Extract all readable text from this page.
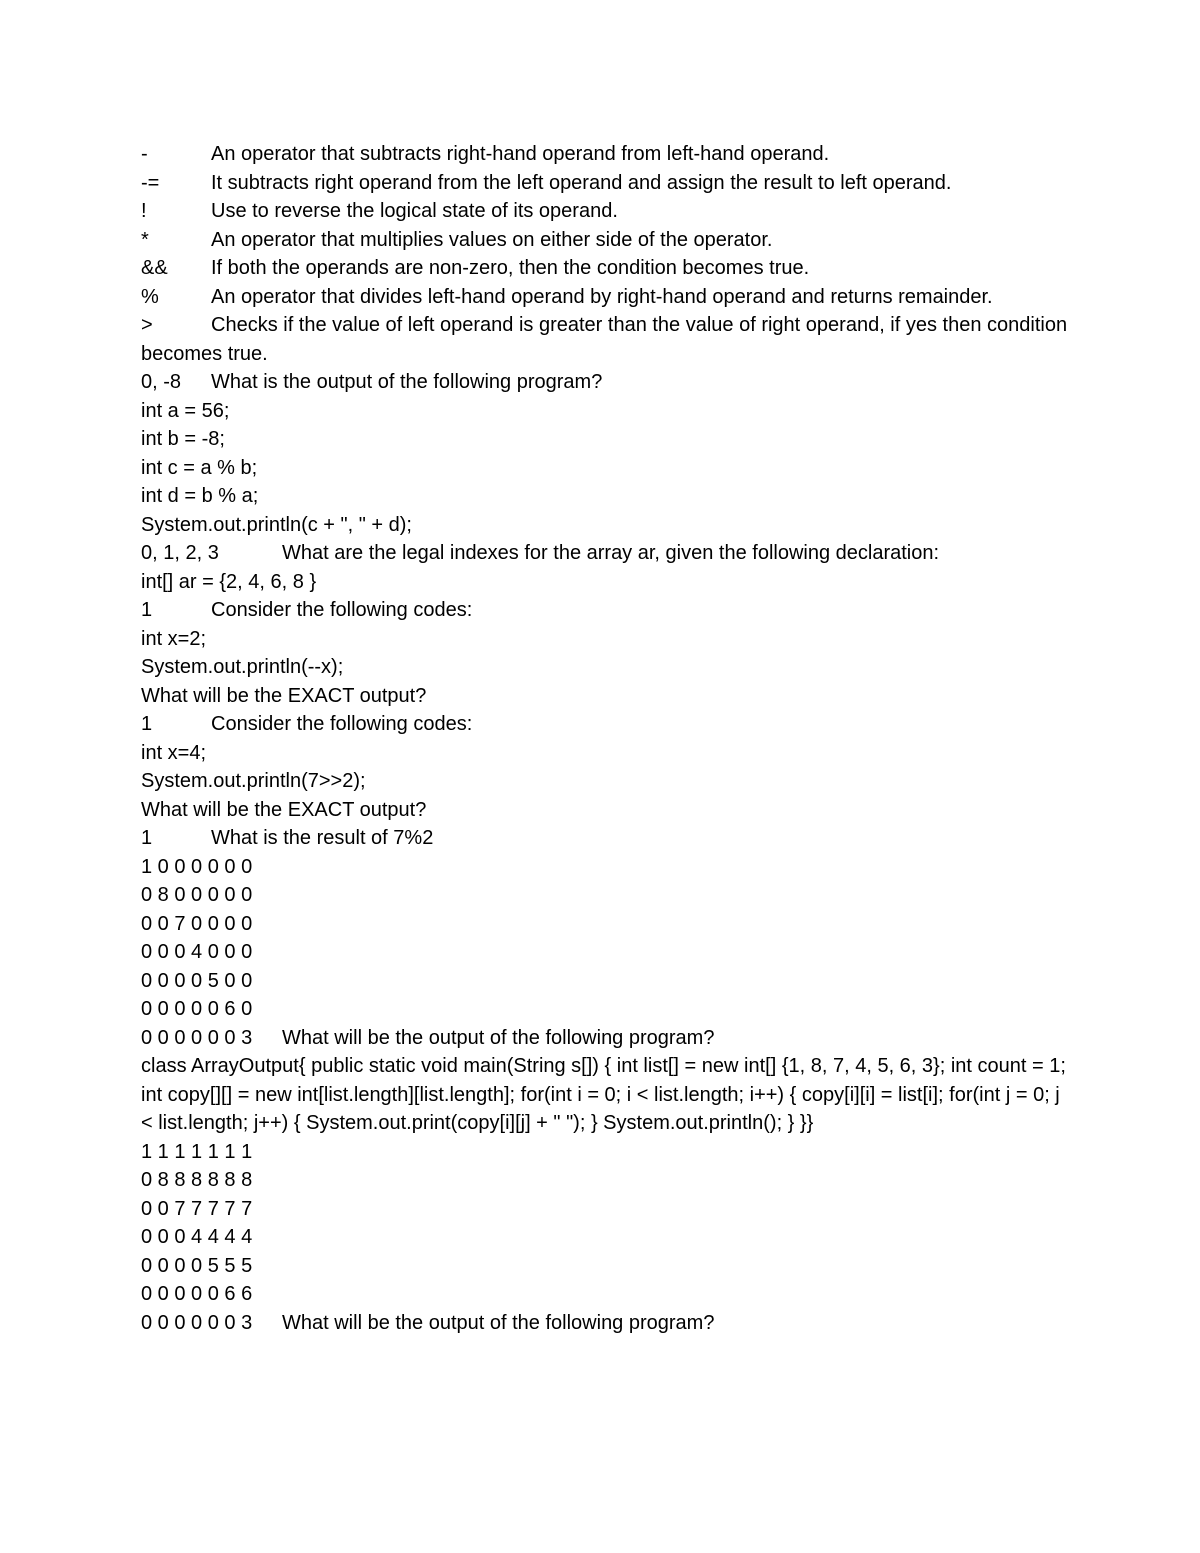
-	An operator that subtracts right-hand operand from left-hand operand.
-=	It subtracts right operand from the left operand and assign the result to left operand.
!	Use to reverse the logical state of its operand.
*	An operator that multiplies values on either side of the operator.
&& If both the operands are non-zero, then the condition becomes true.
%	An operator that divides left-hand operand by right-hand operand and returns remainder.
>	Checks if the value of left operand is greater than the value of right operand, if yes then condition becomes true.
0, -8 What is the output of the following program?
int a = 56;
int b = -8;
int c = a % b;
int d = b % a;
System.out.println(c + ", " + d);
0, 1, 2, 3	What are the legal indexes for the array ar, given the following declaration:
int[] ar = {2, 4, 6, 8 }
1	Consider the following codes:
int x=2;
System.out.println(--x);
What will be the EXACT output?
1	Consider the following codes:
int x=4;
System.out.println(7>>2);
What will be the EXACT output?
1	What is the result of 7%2
1 0 0 0 0 0 0
0 8 0 0 0 0 0
0 0 7 0 0 0 0
0 0 0 4 0 0 0
0 0 0 0 5 0 0
0 0 0 0 0 6 0
0 0 0 0 0 0 3 What will be the output of the following program?
class ArrayOutput{ public static void main(String s[]) { int list[] = new int[] {1, 8, 7, 4, 5, 6, 3}; int count = 1; int copy[][] = new int[list.length][list.length]; for(int i = 0; i < list.length; i++) { copy[i][i] = list[i]; for(int j = 0; j < list.length; j++) { System.out.print(copy[i][j] + " "); } System.out.println(); } }}
1 1 1 1 1 1 1
0 8 8 8 8 8 8
0 0 7 7 7 7 7
0 0 0 4 4 4 4
0 0 0 0 5 5 5
0 0 0 0 0 6 6
0 0 0 0 0 0 3 What will be the output of the following program?
